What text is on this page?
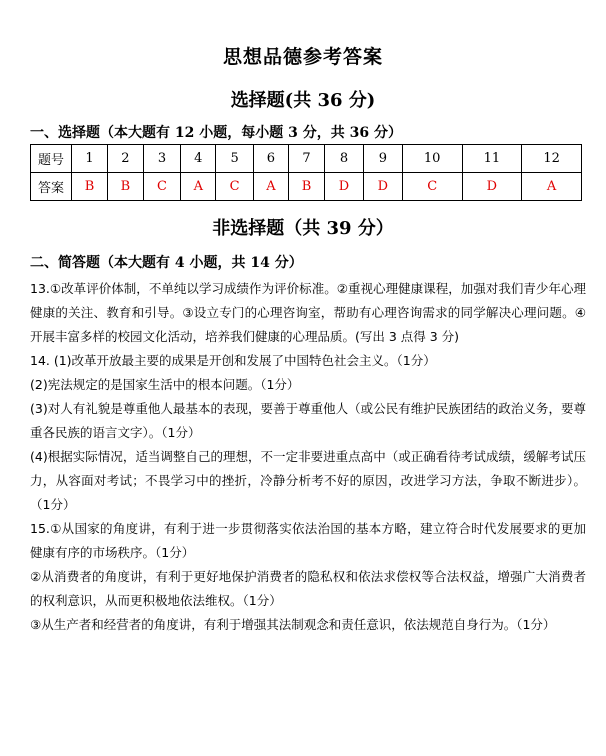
思想品德参考答案
选择题(共 36 分)
一、选择题（本大题有 12 小题，每小题 3 分，共 36 分）
题号	1	2	3	4	5	6	7	8	9	10	11	12
答案	B	B	C	A	C	A	B	D	D	C	D	A
非选择题（共 39 分）
二、简答题（本大题有 4 小题，共 14 分）

13.①改革评价体制，不单纯以学习成绩作为评价标准。②重视心理健康课程，加强对我们青少年心理健康的关注、教育和引导。③设立专门的心理咨询室，帮助有心理咨询需求的同学解决心理问题。④开展丰富多样的校园文化活动，培养我们健康的心理品质。(写出 3 点得 3 分)

14. (1)改革开放最主要的成果是开创和发展了中国特色社会主义。（1分）

(2)宪法规定的是国家生活中的根本问题。（1分）

(3)对人有礼貌是尊重他人最基本的表现，要善于尊重他人（或公民有维护民族团结的政治义务，要尊重各民族的语言文字）。（1分）

(4)根据实际情况，适当调整自己的理想，不一定非要进重点高中（或正确看待考试成绩，缓解考试压力，从容面对考试；不畏学习中的挫折，冷静分析考不好的原因，改进学习方法，争取不断进步）。（1分）

15.①从国家的角度讲，有利于进一步贯彻落实依法治国的基本方略，建立符合时代发展要求的更加健康有序的市场秩序。（1分）

②从消费者的角度讲，有利于更好地保护消费者的隐私权和依法求偿权等合法权益，增强广大消费者的权利意识，从而更积极地依法维权。（1分）

③从生产者和经营者的角度讲，有利于增强其法制观念和责任意识，依法规范自身行为。（1分）
